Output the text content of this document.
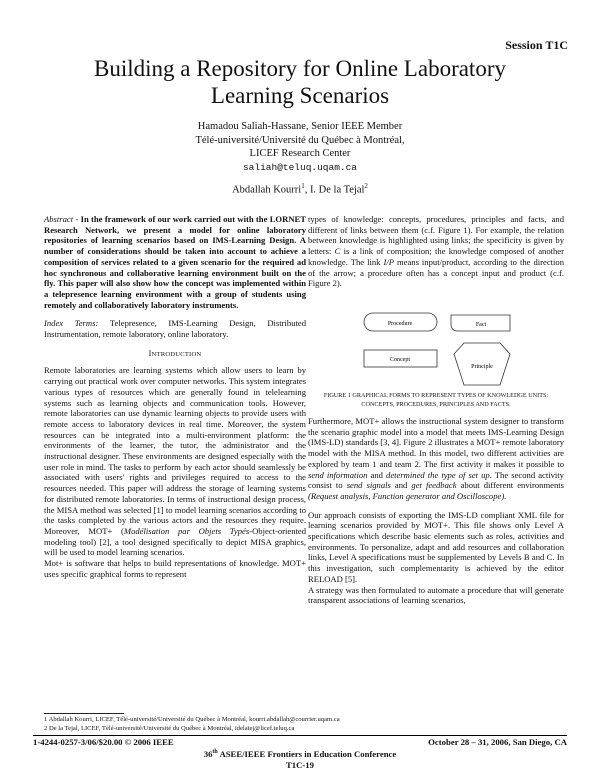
Session T1C
Building a Repository for Online Laboratory
Learning Scenarios
Hamadou Saliah-Hassane, Senior IEEE Member
Télé-université/Université du Québec à Montréal,
LICEF Research Center
saliah@teluq.uqam.ca
Abdallah Kourri$^1$, I. De la Tejal$^2$

Abstract - In the framework of our work carried out with the LORNET Research Network, we present a model for online laboratory repositories of learning scenarios based on IMS-Learning Design. A number of considerations should be taken into account to achieve a composition of services related to a given scenario for the required ad hoc synchronous and collaborative learning environment built on the fly. This paper will also show how the concept was implemented within a telepresence learning environment with a group of students using remotely and collaboratively laboratory instruments.

Index Terms: Telepresence, IMS-Learning Design, Distributed Instrumentation, remote laboratory, online laboratory.

INTRODUCTION

Remote laboratories are learning systems which allow users to learn by carrying out practical work over computer networks. This system integrates various types of resources which are generally found in telelearning systems such as learning objects and communication tools. However, remote laboratories can use dynamic learning objects to provide users with remote access to laboratory devices in real time. Moreover, the system resources can be integrated into a multi-environment platform: the environments of the learner, the tutor, the administrator and the instructional designer. These environments are designed especially with the user role in mind. The tasks to perform by each actor should seamlessly be associated with users' rights and privileges required to access to the resources needed. This paper will address the storage of learning systems for distributed remote laboratories. In terms of instructional design process, the MISA method was selected [1] to model learning scenarios according to the tasks completed by the various actors and the resources they require. Moreover, MOT+ (Modélisation par Objets Typés-Object-oriented modeling tool) [2], a tool designed specifically to depict MISA graphics, will be used to model learning scenarios.

Mot+ is software that helps to build representations of knowledge. MOT+ uses specific graphical forms to represent

types of knowledge: concepts, procedures, principles and facts, and different of links between them (c.f. Figure 1). For example, the relation between knowledge is highlighted using links; the specificity is given by letters: C is a link of composition; the knowledge composed of another knowledge. The link I/P means input/product, according to the direction of the arrow; a procedure often has a concept input and product (c.f. Figure 2).

Procedure	Fact
Concept
Principle
FIGURE 1 GRAPHICAL FORMS TO REPRESENT TYPES OF KNOWLEDGE UNITS:
CONCEPTS, PROCEDURES, PRINCIPLES AND FACTS.

Furthermore, MOT+ allows the instructional system designer to transform the scenario graphic model into a model that meets IMS-Learning Design (IMS-LD) standards [3, 4]. Figure 2 illustrates a MOT+ remote laboratory model with the MISA method. In this model, two different activities are explored by team 1 and team 2. The first activity it makes it possible to send information and determined the type of set up. The second activity consist to send signals and get feedback about different environments (Request analysis, Function generator and Oscilloscope).

Our approach consists of exporting the IMS-LD compliant XML file for learning scenarios provided by MOT+. This file shows only Level A specifications which describe basic elements such as roles, activities and environments. To personalize, adapt and add resources and collaboration links, Level A specifications must be supplemented by Levels B and C. In this investigation, such complementarity is achieved by the editor RELOAD [5].

A strategy was then formulated to automate a procedure that will generate transparent associations of learning scenarios,

1 Abdallah Kourri, LICEF, Télé-université/Université du Québec à Montréal, kourri.abdallah@courrier.uqam.ca
2 De la Tejal, LICEF, Télé-université/Université du Québec à Montréal, idelatej@licef.teluq.ca
1-4244-0257-3/06/$20.00 © 2006 IEEE	October 28 – 31, 2006, San Diego, CA
36th ASEE/IEEE Frontiers in Education Conference
T1C-19
